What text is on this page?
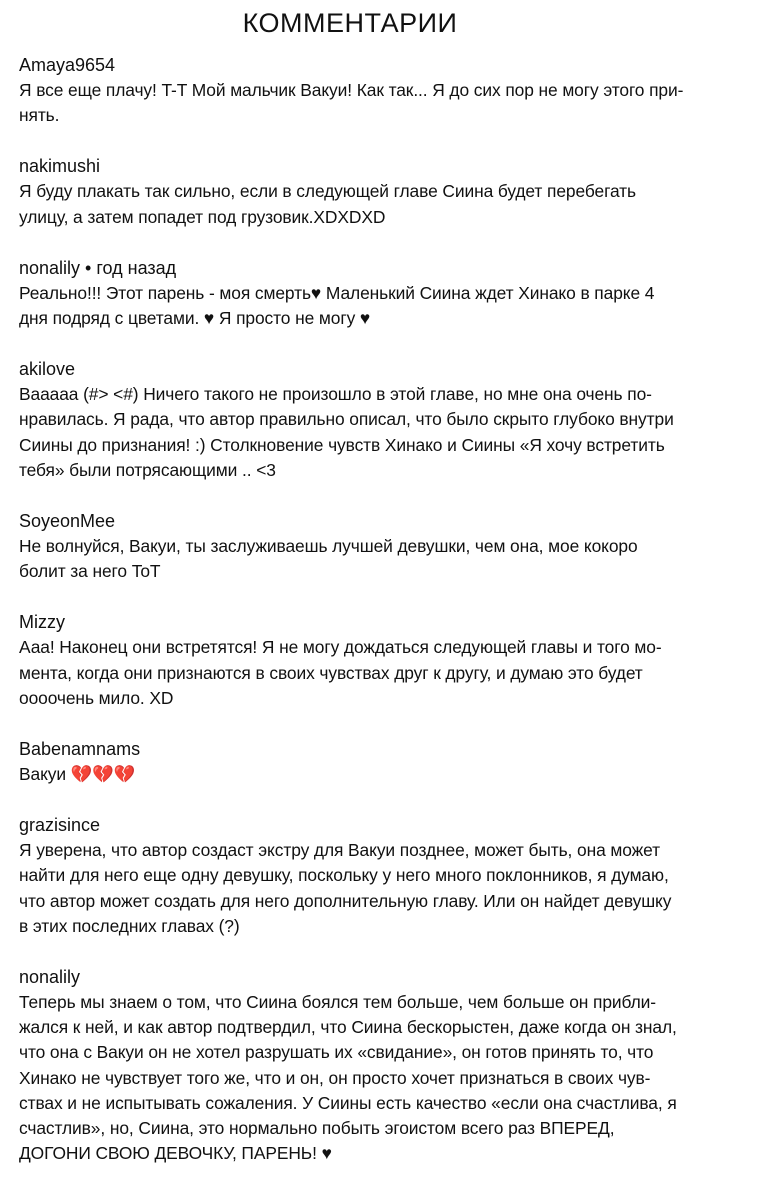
КОММЕНТАРИИ
Amaya9654
Я все еще плачу! T-T Мой мальчик Вакуи! Как так... Я до сих пор не могу этого при-
нять.
nakimushi
Я буду плакать так сильно, если в следующей главе Сиина будет перебегать
улицу, а затем попадет под грузовик.XDXDXD
nonalily • год назад
Реально!!! Этот парень - моя смерть♥ Маленький Сиина ждет Хинако в парке 4
дня подряд с цветами. ♥ Я просто не могу ♥
akilove
Baaaaa (#> <#) Ничего такого не произошло в этой главе, но мне она очень по-
нравилась. Я рада, что автор правильно описал, что было скрыто глубоко внутри
Сиины до признания! :) Столкновение чувств Хинако и Сиины «Я хочу встретить
тебя» были потрясающими .. <3
SoyeonMee
Не волнуйся, Вакуи, ты заслуживаешь лучшей девушки, чем она, мое кокоро
болит за него ToT
Mizzy
Ааа! Наконец они встретятся! Я не могу дождаться следующей главы и того мо-
мента, когда они признаются в своих чувствах друг к другу, и думаю это будет
оооочень мило. XD
Babenamnams
Вакуи 💔💔💔
grazisince
Я уверена, что автор создаст экстру для Вакуи позднее, может быть, она может
найти для него еще одну девушку, поскольку у него много поклонников, я думаю,
что автор может создать для него дополнительную главу. Или он найдет девушку
в этих последних главах (?)
nonalily
Теперь мы знаем о том, что Сиина боялся тем больше, чем больше он прибли-
жался к ней, и как автор подтвердил, что Сиина бескорыстен, даже когда он знал,
что она с Вакуи он не хотел разрушать их «свидание», он готов принять то, что
Хинако не чувствует того же, что и он, он просто хочет признаться в своих чув-
ствах и не испытывать сожаления. У Сиины есть качество «если она счастлива, я
счастлив», но, Сиина, это нормально побыть эгоистом всего раз ВПЕРЕД,
ДОГОНИ СВОЮ ДЕВОЧКУ, ПАРЕНЬ! ♥
